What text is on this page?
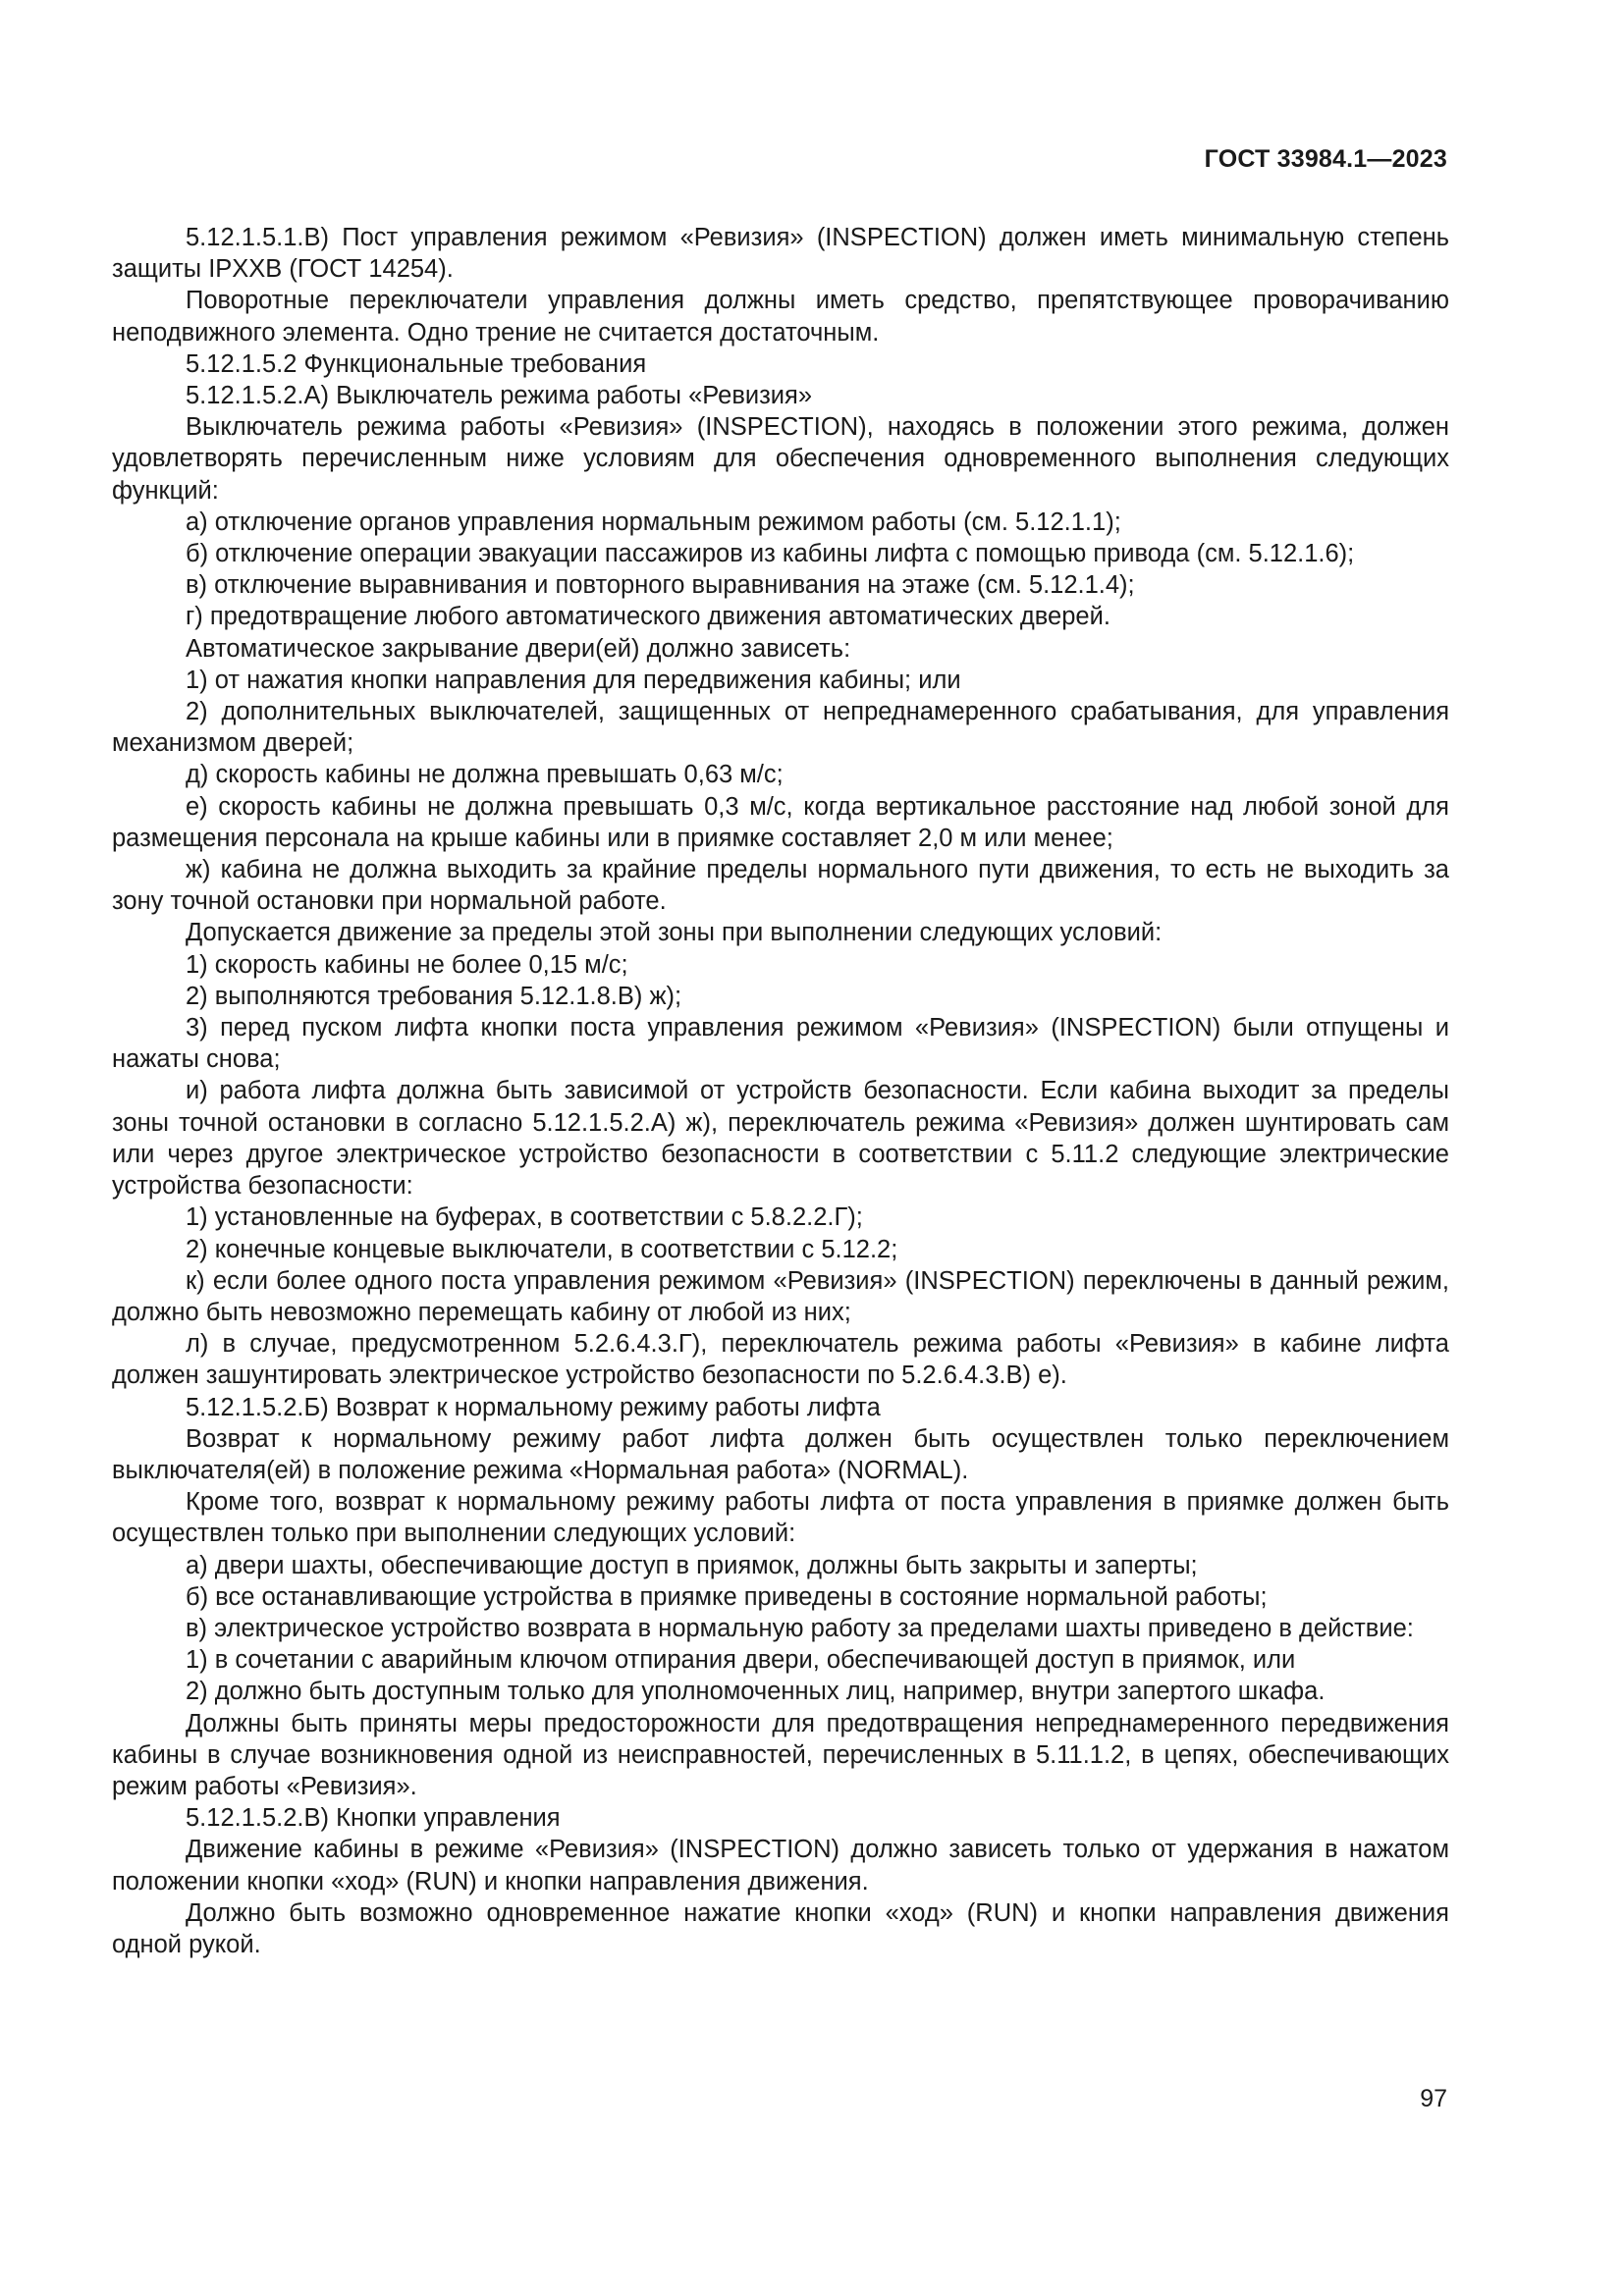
ГОСТ 33984.1—2023

5.12.1.5.1.В) Пост управления режимом «Ревизия» (INSPECTION) должен иметь минимальную степень защиты IPXXB (ГОСТ 14254).

Поворотные переключатели управления должны иметь средство, препятствующее проворачиванию неподвижного элемента. Одно трение не считается достаточным.

5.12.1.5.2 Функциональные требования

5.12.1.5.2.А) Выключатель режима работы «Ревизия»

Выключатель режима работы «Ревизия» (INSPECTION), находясь в положении этого режима, должен удовлетворять перечисленным ниже условиям для обеспечения одновременного выполнения следующих функций:

а) отключение органов управления нормальным режимом работы (см. 5.12.1.1);

б) отключение операции эвакуации пассажиров из кабины лифта с помощью привода (см. 5.12.1.6);

в) отключение выравнивания и повторного выравнивания на этаже (см. 5.12.1.4);

г) предотвращение любого автоматического движения автоматических дверей.

Автоматическое закрывание двери(ей) должно зависеть:

1) от нажатия кнопки направления для передвижения кабины; или

2) дополнительных выключателей, защищенных от непреднамеренного срабатывания, для управления механизмом дверей;

д) скорость кабины не должна превышать 0,63 м/с;

е) скорость кабины не должна превышать 0,3 м/с, когда вертикальное расстояние над любой зоной для размещения персонала на крыше кабины или в приямке составляет 2,0 м или менее;

ж) кабина не должна выходить за крайние пределы нормального пути движения, то есть не выходить за зону точной остановки при нормальной работе.

Допускается движение за пределы этой зоны при выполнении следующих условий:

1) скорость кабины не более 0,15 м/с;

2) выполняются требования 5.12.1.8.В) ж);

3) перед пуском лифта кнопки поста управления режимом «Ревизия» (INSPECTION) были отпущены и нажаты снова;

и) работа лифта должна быть зависимой от устройств безопасности. Если кабина выходит за пределы зоны точной остановки в согласно 5.12.1.5.2.А) ж), переключатель режима «Ревизия» должен шунтировать сам или через другое электрическое устройство безопасности в соответствии с 5.11.2 следующие электрические устройства безопасности:

1) установленные на буферах, в соответствии с 5.8.2.2.Г);

2) конечные концевые выключатели, в соответствии с 5.12.2;

к) если более одного поста управления режимом «Ревизия» (INSPECTION) переключены в данный режим, должно быть невозможно перемещать кабину от любой из них;

л) в случае, предусмотренном 5.2.6.4.3.Г), переключатель режима работы «Ревизия» в кабине лифта должен зашунтировать электрическое устройство безопасности по 5.2.6.4.3.В) е).

5.12.1.5.2.Б) Возврат к нормальному режиму работы лифта

Возврат к нормальному режиму работ лифта должен быть осуществлен только переключением выключателя(ей) в положение режима «Нормальная работа» (NORMAL).

Кроме того, возврат к нормальному режиму работы лифта от поста управления в приямке должен быть осуществлен только при выполнении следующих условий:

а) двери шахты, обеспечивающие доступ в приямок, должны быть закрыты и заперты;

б) все останавливающие устройства в приямке приведены в состояние нормальной работы;

в) электрическое устройство возврата в нормальную работу за пределами шахты приведено в действие:

1) в сочетании с аварийным ключом отпирания двери, обеспечивающей доступ в приямок, или

2) должно быть доступным только для уполномоченных лиц, например, внутри запертого шкафа.

Должны быть приняты меры предосторожности для предотвращения непреднамеренного передвижения кабины в случае возникновения одной из неисправностей, перечисленных в 5.11.1.2, в цепях, обеспечивающих режим работы «Ревизия».

5.12.1.5.2.В) Кнопки управления

Движение кабины в режиме «Ревизия» (INSPECTION) должно зависеть только от удержания в нажатом положении кнопки «ход» (RUN) и кнопки направления движения.

Должно быть возможно одновременное нажатие кнопки «ход» (RUN) и кнопки направления движения одной рукой.

97
